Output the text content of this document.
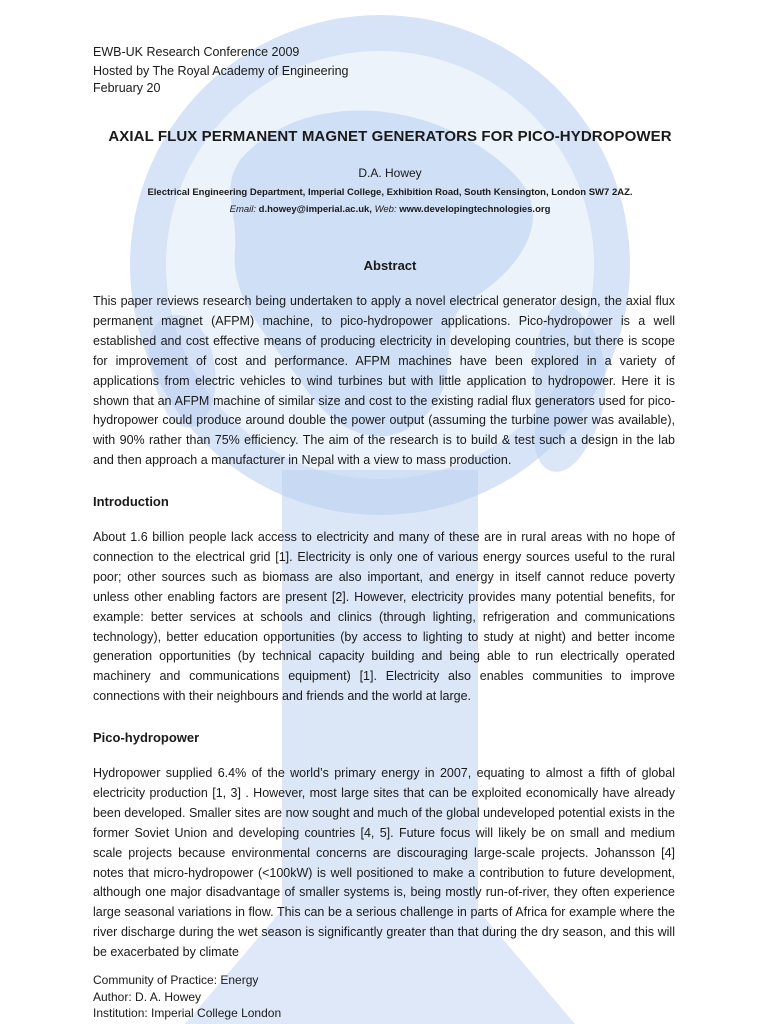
EWB-UK Research Conference 2009
Hosted by The Royal Academy of Engineering
February 20
AXIAL FLUX PERMANENT MAGNET GENERATORS FOR PICO-HYDROPOWER
D.A. Howey
Electrical Engineering Department, Imperial College, Exhibition Road, South Kensington, London SW7 2AZ.
Email: d.howey@imperial.ac.uk, Web: www.developingtechnologies.org
Abstract
This paper reviews research being undertaken to apply a novel electrical generator design, the axial flux permanent magnet (AFPM) machine, to pico-hydropower applications. Pico-hydropower is a well established and cost effective means of producing electricity in developing countries, but there is scope for improvement of cost and performance. AFPM machines have been explored in a variety of applications from electric vehicles to wind turbines but with little application to hydropower. Here it is shown that an AFPM machine of similar size and cost to the existing radial flux generators used for pico-hydropower could produce around double the power output (assuming the turbine power was available), with 90% rather than 75% efficiency. The aim of the research is to build & test such a design in the lab and then approach a manufacturer in Nepal with a view to mass production.
Introduction
About 1.6 billion people lack access to electricity and many of these are in rural areas with no hope of connection to the electrical grid [1]. Electricity is only one of various energy sources useful to the rural poor; other sources such as biomass are also important, and energy in itself cannot reduce poverty unless other enabling factors are present [2]. However, electricity provides many potential benefits, for example: better services at schools and clinics (through lighting, refrigeration and communications technology), better education opportunities (by access to lighting to study at night) and better income generation opportunities (by technical capacity building and being able to run electrically operated machinery and communications equipment) [1]. Electricity also enables communities to improve connections with their neighbours and friends and the world at large.
Pico-hydropower
Hydropower supplied 6.4% of the world’s primary energy in 2007, equating to almost a fifth of global electricity production [1, 3] . However, most large sites that can be exploited economically have already been developed. Smaller sites are now sought and much of the global undeveloped potential exists in the former Soviet Union and developing countries [4, 5]. Future focus will likely be on small and medium scale projects because environmental concerns are discouraging large-scale projects. Johansson [4] notes that micro-hydropower (<100kW) is well positioned to make a contribution to future development, although one major disadvantage of smaller systems is, being mostly run-of-river, they often experience large seasonal variations in flow. This can be a serious challenge in parts of Africa for example where the river discharge during the wet season is significantly greater than that during the dry season, and this will be exacerbated by climate
Community of Practice: Energy
Author: D. A. Howey
Institution: Imperial College London
